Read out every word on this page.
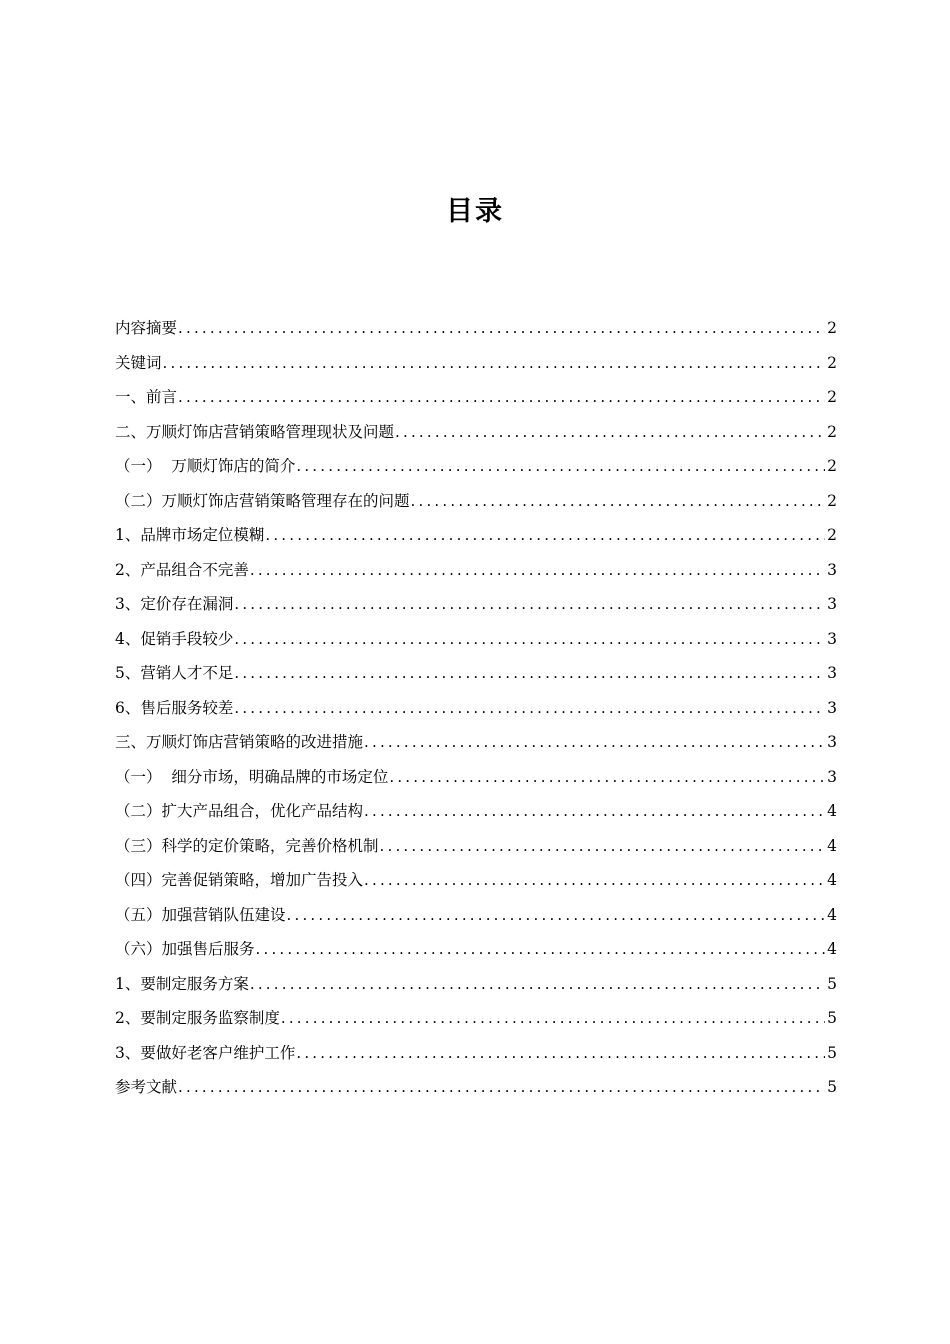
目录
内容摘要 .....	2
关键词 .....	2
一、前言 .....	2
二、万顺灯饰店营销策略管理现状及问题 .....	2
（一）  万顺灯饰店的简介 .....	2
（二）万顺灯饰店营销策略管理存在的问题 .....	2
1、品牌市场定位模糊 .....	2
2、产品组合不完善 .....	3
3、定价存在漏洞 .....	3
4、促销手段较少 .....	3
5、营销人才不足 .....	3
6、售后服务较差 .....	3
三、万顺灯饰店营销策略的改进措施 .....	3
（一）  细分市场，明确品牌的市场定位 .....	3
（二）扩大产品组合，优化产品结构 .....	4
（三）科学的定价策略，完善价格机制 .....	4
（四）完善促销策略，增加广告投入 .....	4
（五）加强营销队伍建设 .....	4
（六）加强售后服务 .....	4
1、要制定服务方案 .....	5
2、要制定服务监察制度 .....	5
3、要做好老客户维护工作 .....	5
参考文献 .....	5
